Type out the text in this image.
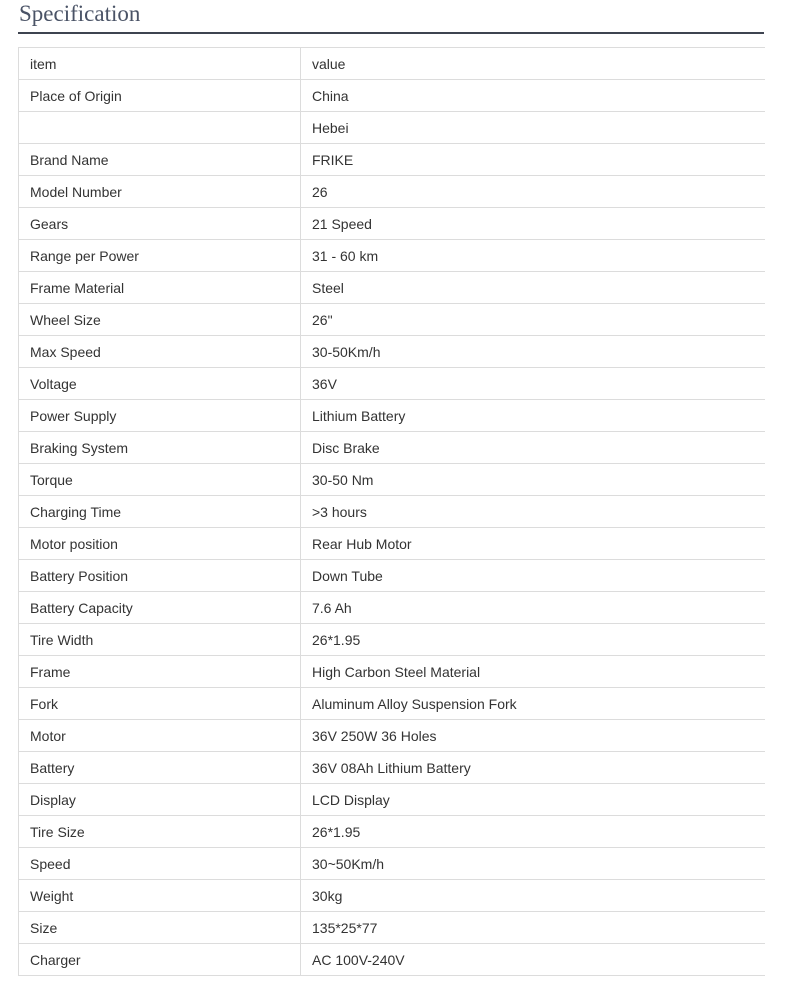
Specification
item	value
Place of Origin	China
	Hebei
Brand Name	FRIKE
Model Number	26
Gears	21 Speed
Range per Power	31 - 60 km
Frame Material	Steel
Wheel Size	26"
Max Speed	30-50Km/h
Voltage	36V
Power Supply	Lithium Battery
Braking System	Disc Brake
Torque	30-50 Nm
Charging Time	>3 hours
Motor position	Rear Hub Motor
Battery Position	Down Tube
Battery Capacity	7.6 Ah
Tire Width	26*1.95
Frame	High Carbon Steel Material
Fork	Aluminum Alloy Suspension Fork
Motor	36V 250W 36 Holes
Battery	36V 08Ah Lithium Battery
Display	LCD Display
Tire Size	26*1.95
Speed	30~50Km/h
Weight	30kg
Size	135*25*77
Charger	AC 100V-240V
